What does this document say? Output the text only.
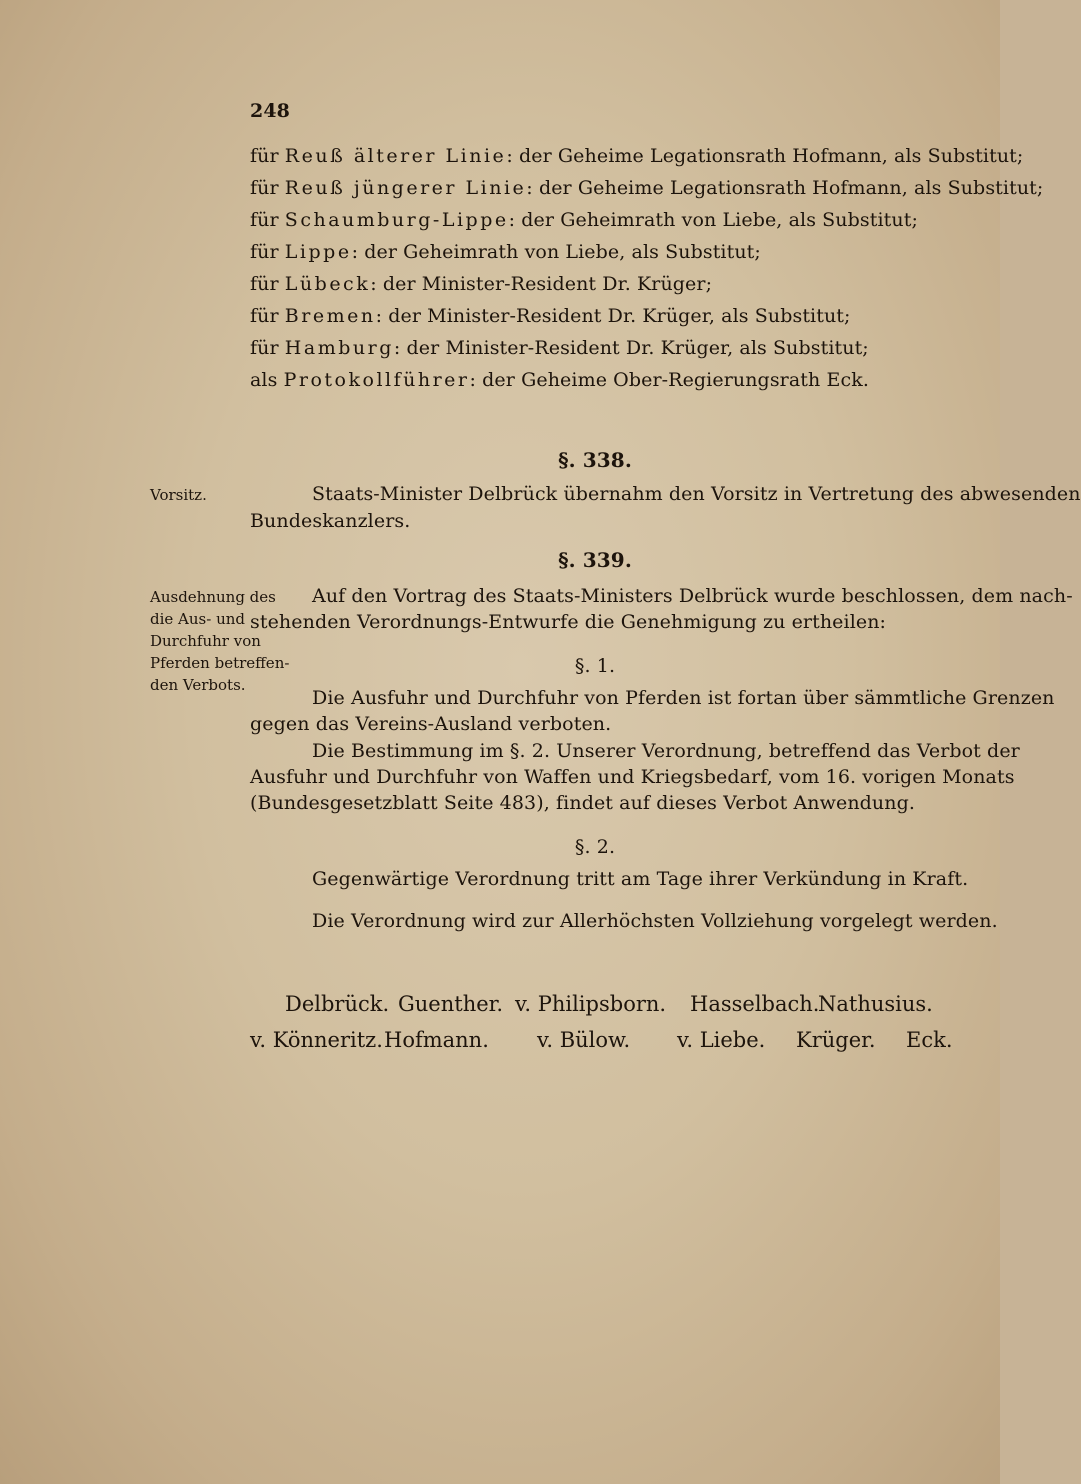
248
für Reuß älterer Linie: der Geheime Legationsrath Hofmann, als Substitut;
für Reuß jüngerer Linie: der Geheime Legationsrath Hofmann, als Substitut;
für Schaumburg-Lippe: der Geheimrath von Liebe, als Substitut;
für Lippe: der Geheimrath von Liebe, als Substitut;
für Lübeck: der Minister-Resident Dr. Krüger;
für Bremen: der Minister-Resident Dr. Krüger, als Substitut;
für Hamburg: der Minister-Resident Dr. Krüger, als Substitut;
als Protokollführer: der Geheime Ober-Regierungsrath Eck.
§. 338.
Vorsitz.	Staats-Minister Delbrück übernahm den Vorsitz in Vertretung des abwesenden
Bundeskanzlers.
§. 339.
Ausdehnung des
die Aus- und
Durchfuhr von
Pferden betreffen-
den Verbots.
Auf den Vortrag des Staats-Ministers Delbrück wurde beschlossen, dem nach-
stehenden Verordnungs-Entwurfe die Genehmigung zu ertheilen:
§. 1.
Die Ausfuhr und Durchfuhr von Pferden ist fortan über sämmtliche Grenzen
gegen das Vereins-Ausland verboten.
Die Bestimmung im §. 2. Unserer Verordnung, betreffend das Verbot der
Ausfuhr und Durchfuhr von Waffen und Kriegsbedarf, vom 16. vorigen Monats
(Bundesgesetzblatt Seite 483), findet auf dieses Verbot Anwendung.
§. 2.
Gegenwärtige Verordnung tritt am Tage ihrer Verkündung in Kraft.
Die Verordnung wird zur Allerhöchsten Vollziehung vorgelegt werden.
Delbrück. Guenther. v. Philipsborn. Hasselbach.
Nathusius.
v. Könneritz. Hofmann. v. Bülow. v. Liebe. Krüger. Eck.
